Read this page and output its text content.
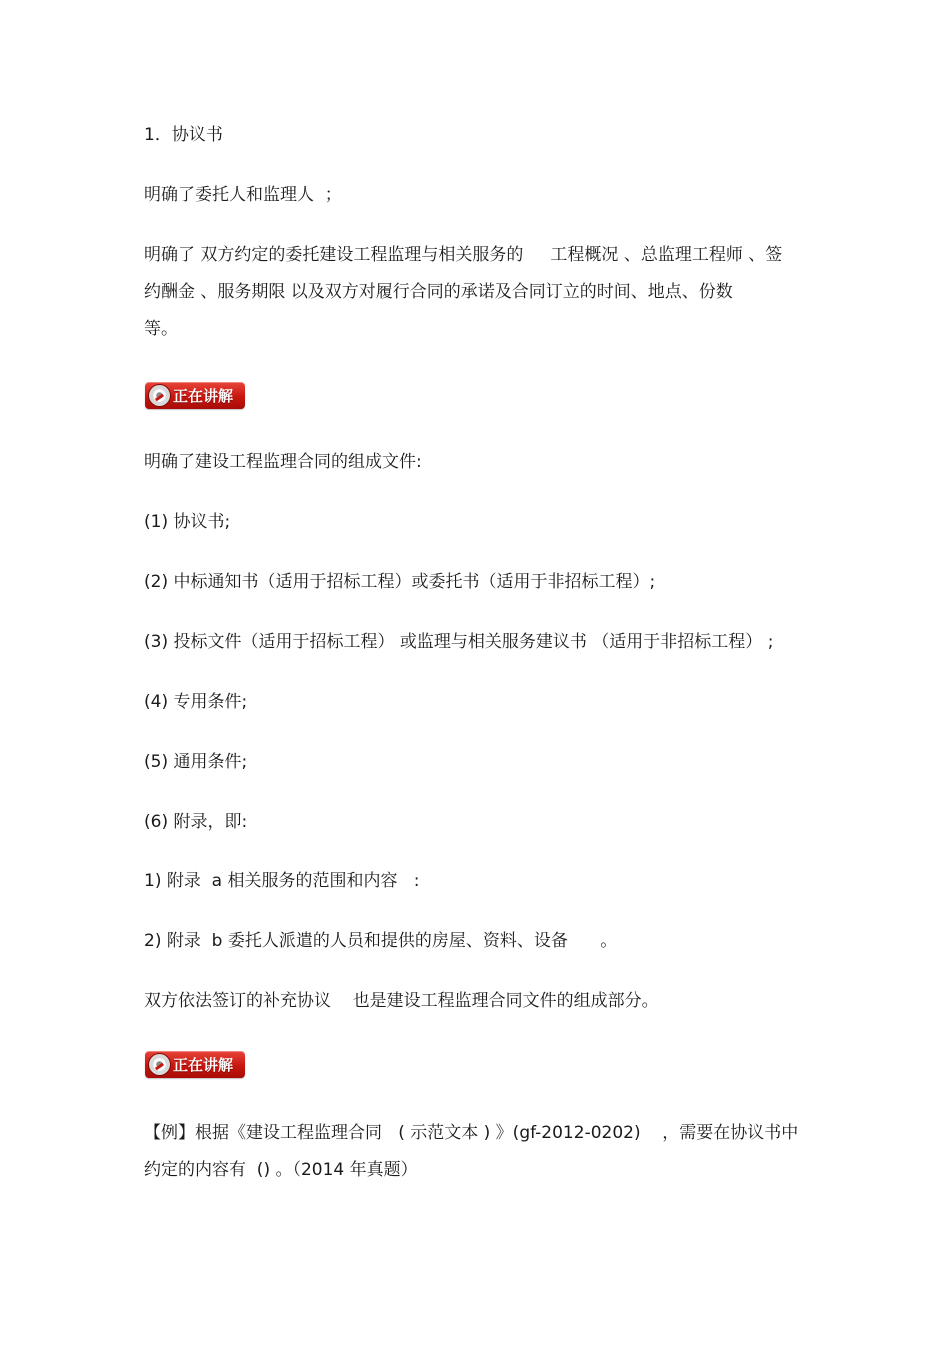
1．协议书

明确了委托人和监理人  ；

明确了 双方约定的委托建设工程监理与相关服务的     工程概况 、总监理工程师 、签

约酬金 、服务期限 以及双方对履行合同的承诺及合同订立的时间、地点、份数

等。

正在讲解

明确了建设工程监理合同的组成文件:

(1) 协议书;

(2) 中标通知书（适用于招标工程）或委托书（适用于非招标工程）;

(3) 投标文件（适用于招标工程） 或监理与相关服务建议书 （适用于非招标工程） ;

(4) 专用条件;

(5) 通用条件;

(6) 附录，即:

1) 附录  a 相关服务的范围和内容   :

2) 附录  b 委托人派遣的人员和提供的房屋、资料、设备      。

双方依法签订的补充协议    也是建设工程监理合同文件的组成部分。

正在讲解

【例】根据《建设工程监理合同   ( 示范文本 ) 》(gf-2012-0202)    ，需要在协议书中

约定的内容有  () 。（2014 年真题）
